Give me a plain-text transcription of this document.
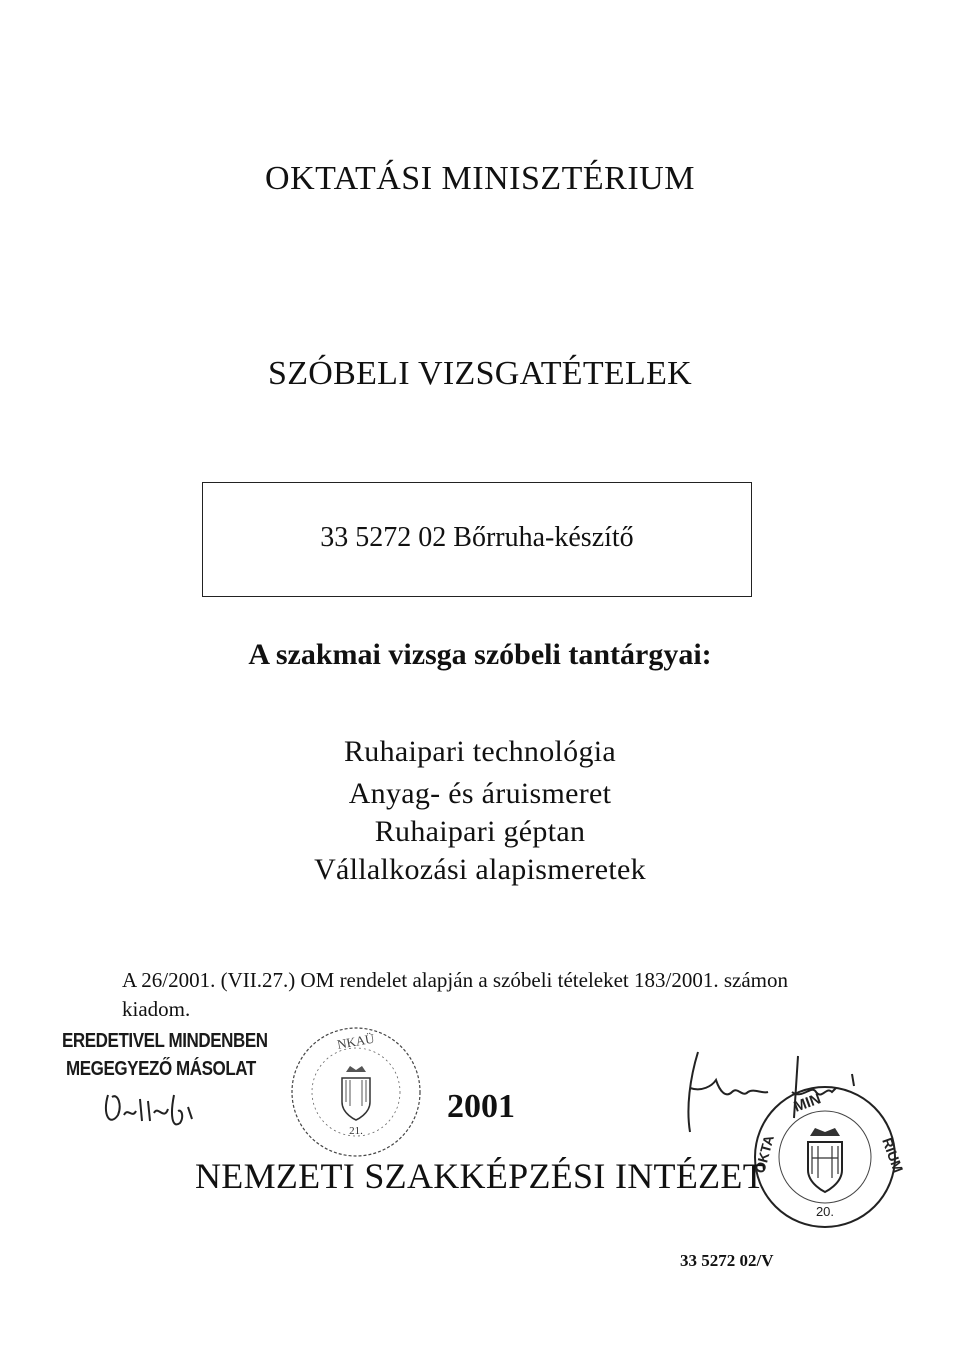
OKTATÁSI MINISZTÉRIUM
SZÓBELI VIZSGATÉTELEK
33 5272 02 Bőrruha-készítő
A szakmai vizsga szóbeli tantárgyai:
Ruhaipari technológia
Anyag- és áruismeret
Ruhaipari géptan
Vállalkozási alapismeretek
A 26/2001. (VII.27.) OM rendelet alapján a szóbeli tételeket 183/2001. számon kiadom.
EREDETIVEL MINDENBEN
MEGEGYEZŐ MÁSOLAT
21.
ΝΚΑÜ
2001	MIN
OKTA	RIUM
20.
NEMZETI SZAKKÉPZÉSI INTÉZET
33 5272 02/V
